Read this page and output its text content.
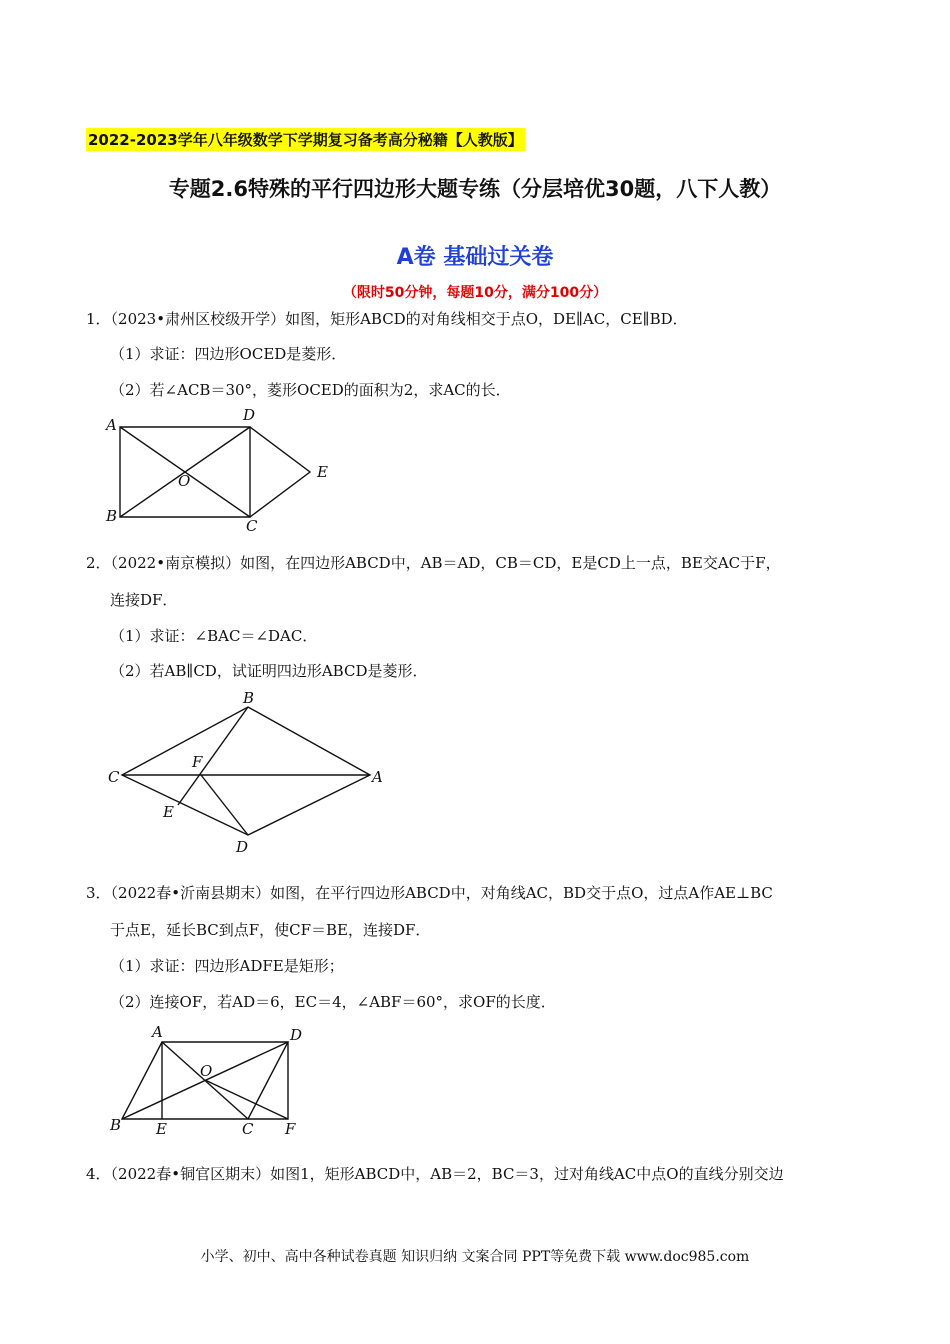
2022-2023学年八年级数学下学期复习备考高分秘籍【人教版】
专题2.6特殊的平行四边形大题专练（分层培优30题，八下人教）
A卷 基础过关卷
（限时50分钟，每题10分，满分100分）
1．（2023•肃州区校级开学）如图，矩形ABCD的对角线相交于点O，DE∥AC，CE∥BD．
（1）求证：四边形OCED是菱形．
（2）若∠ACB＝30°，菱形OCED的面积为2，求AC的长．
A
D
E
O
B
C
2．（2022•南京模拟）如图，在四边形ABCD中，AB＝AD，CB＝CD，E是CD上一点，BE交AC于F，
连接DF．
（1）求证：∠BAC＝∠DAC．
（2）若AB∥CD，试证明四边形ABCD是菱形．
B
F
C	A
E
D
3．（2022春•沂南县期末）如图，在平行四边形ABCD中，对角线AC，BD交于点O，过点A作AE⊥BC
于点E，延长BC到点F，使CF＝BE，连接DF．
（1）求证：四边形ADFE是矩形；
（2）连接OF，若AD＝6，EC＝4，∠ABF＝60°，求OF的长度．
A	D
O
B E	C F
4．（2022春•铜官区期末）如图1，矩形ABCD中，AB＝2，BC＝3，过对角线AC中点O的直线分别交边
小学、初中、高中各种试卷真题 知识归纳 文案合同 PPT等免费下载 www.doc985.com
